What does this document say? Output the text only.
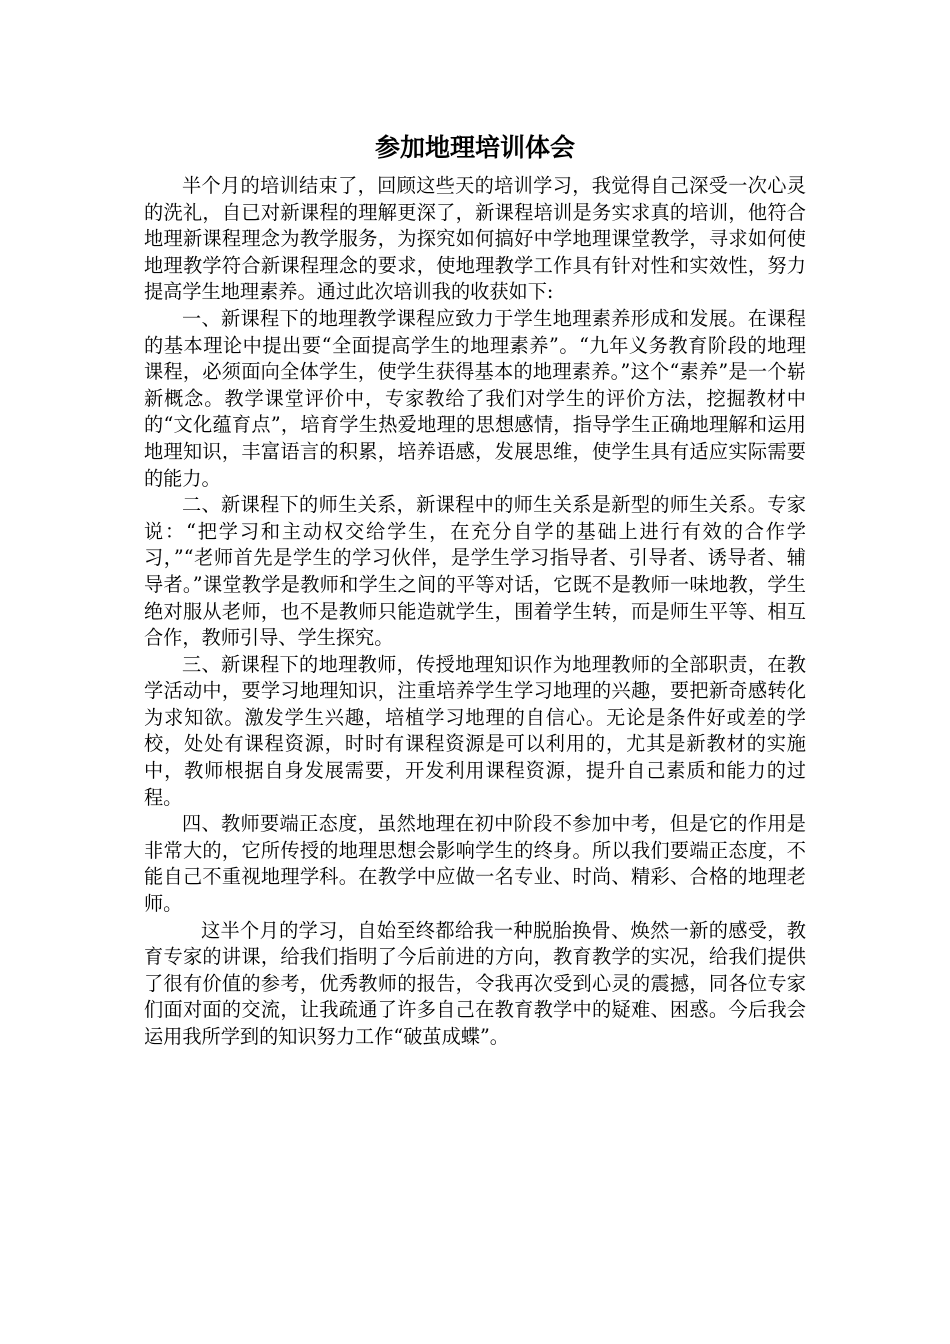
参加地理培训体会

半个月的培训结束了，回顾这些天的培训学习，我觉得自己深受一次心灵的洗礼，自已对新课程的理解更深了，新课程培训是务实求真的培训，他符合地理新课程理念为教学服务，为探究如何搞好中学地理课堂教学，寻求如何使地理教学符合新课程理念的要求，使地理教学工作具有针对性和实效性，努力提高学生地理素养。通过此次培训我的收获如下:

一、新课程下的地理教学课程应致力于学生地理素养形成和发展。在课程的基本理论中提出要“全面提高学生的地理素养”。“九年义务教育阶段的地理课程，必须面向全体学生，使学生获得基本的地理素养。”这个“素养”是一个崭新概念。教学课堂评价中，专家教给了我们对学生的评价方法，挖掘教材中的“文化蕴育点”，培育学生热爱地理的思想感情，指导学生正确地理解和运用地理知识，丰富语言的积累，培养语感，发展思维，使学生具有适应实际需要的能力。

二、新课程下的师生关系，新课程中的师生关系是新型的师生关系。专家说：“把学习和主动权交给学生，在充分自学的基础上进行有效的合作学习，”“老师首先是学生的学习伙伴，是学生学习指导者、引导者、诱导者、辅导者。”课堂教学是教师和学生之间的平等对话，它既不是教师一味地教，学生绝对服从老师，也不是教师只能造就学生，围着学生转，而是师生平等、相互合作，教师引导、学生探究。

三、新课程下的地理教师，传授地理知识作为地理教师的全部职责，在教学活动中，要学习地理知识，注重培养学生学习地理的兴趣，要把新奇感转化为求知欲。激发学生兴趣，培植学习地理的自信心。无论是条件好或差的学校，处处有课程资源，时时有课程资源是可以利用的，尤其是新教材的实施中，教师根据自身发展需要，开发利用课程资源，提升自己素质和能力的过程。

四、教师要端正态度，虽然地理在初中阶段不参加中考，但是它的作用是非常大的，它所传授的地理思想会影响学生的终身。所以我们要端正态度，不能自己不重视地理学科。在教学中应做一名专业、时尚、精彩、合格的地理老师。

这半个月的学习，自始至终都给我一种脱胎换骨、焕然一新的感受，教育专家的讲课，给我们指明了今后前进的方向，教育教学的实况，给我们提供了很有价值的参考，优秀教师的报告，令我再次受到心灵的震撼，同各位专家们面对面的交流，让我疏通了许多自己在教育教学中的疑难、困惑。今后我会运用我所学到的知识努力工作“破茧成蝶”。
